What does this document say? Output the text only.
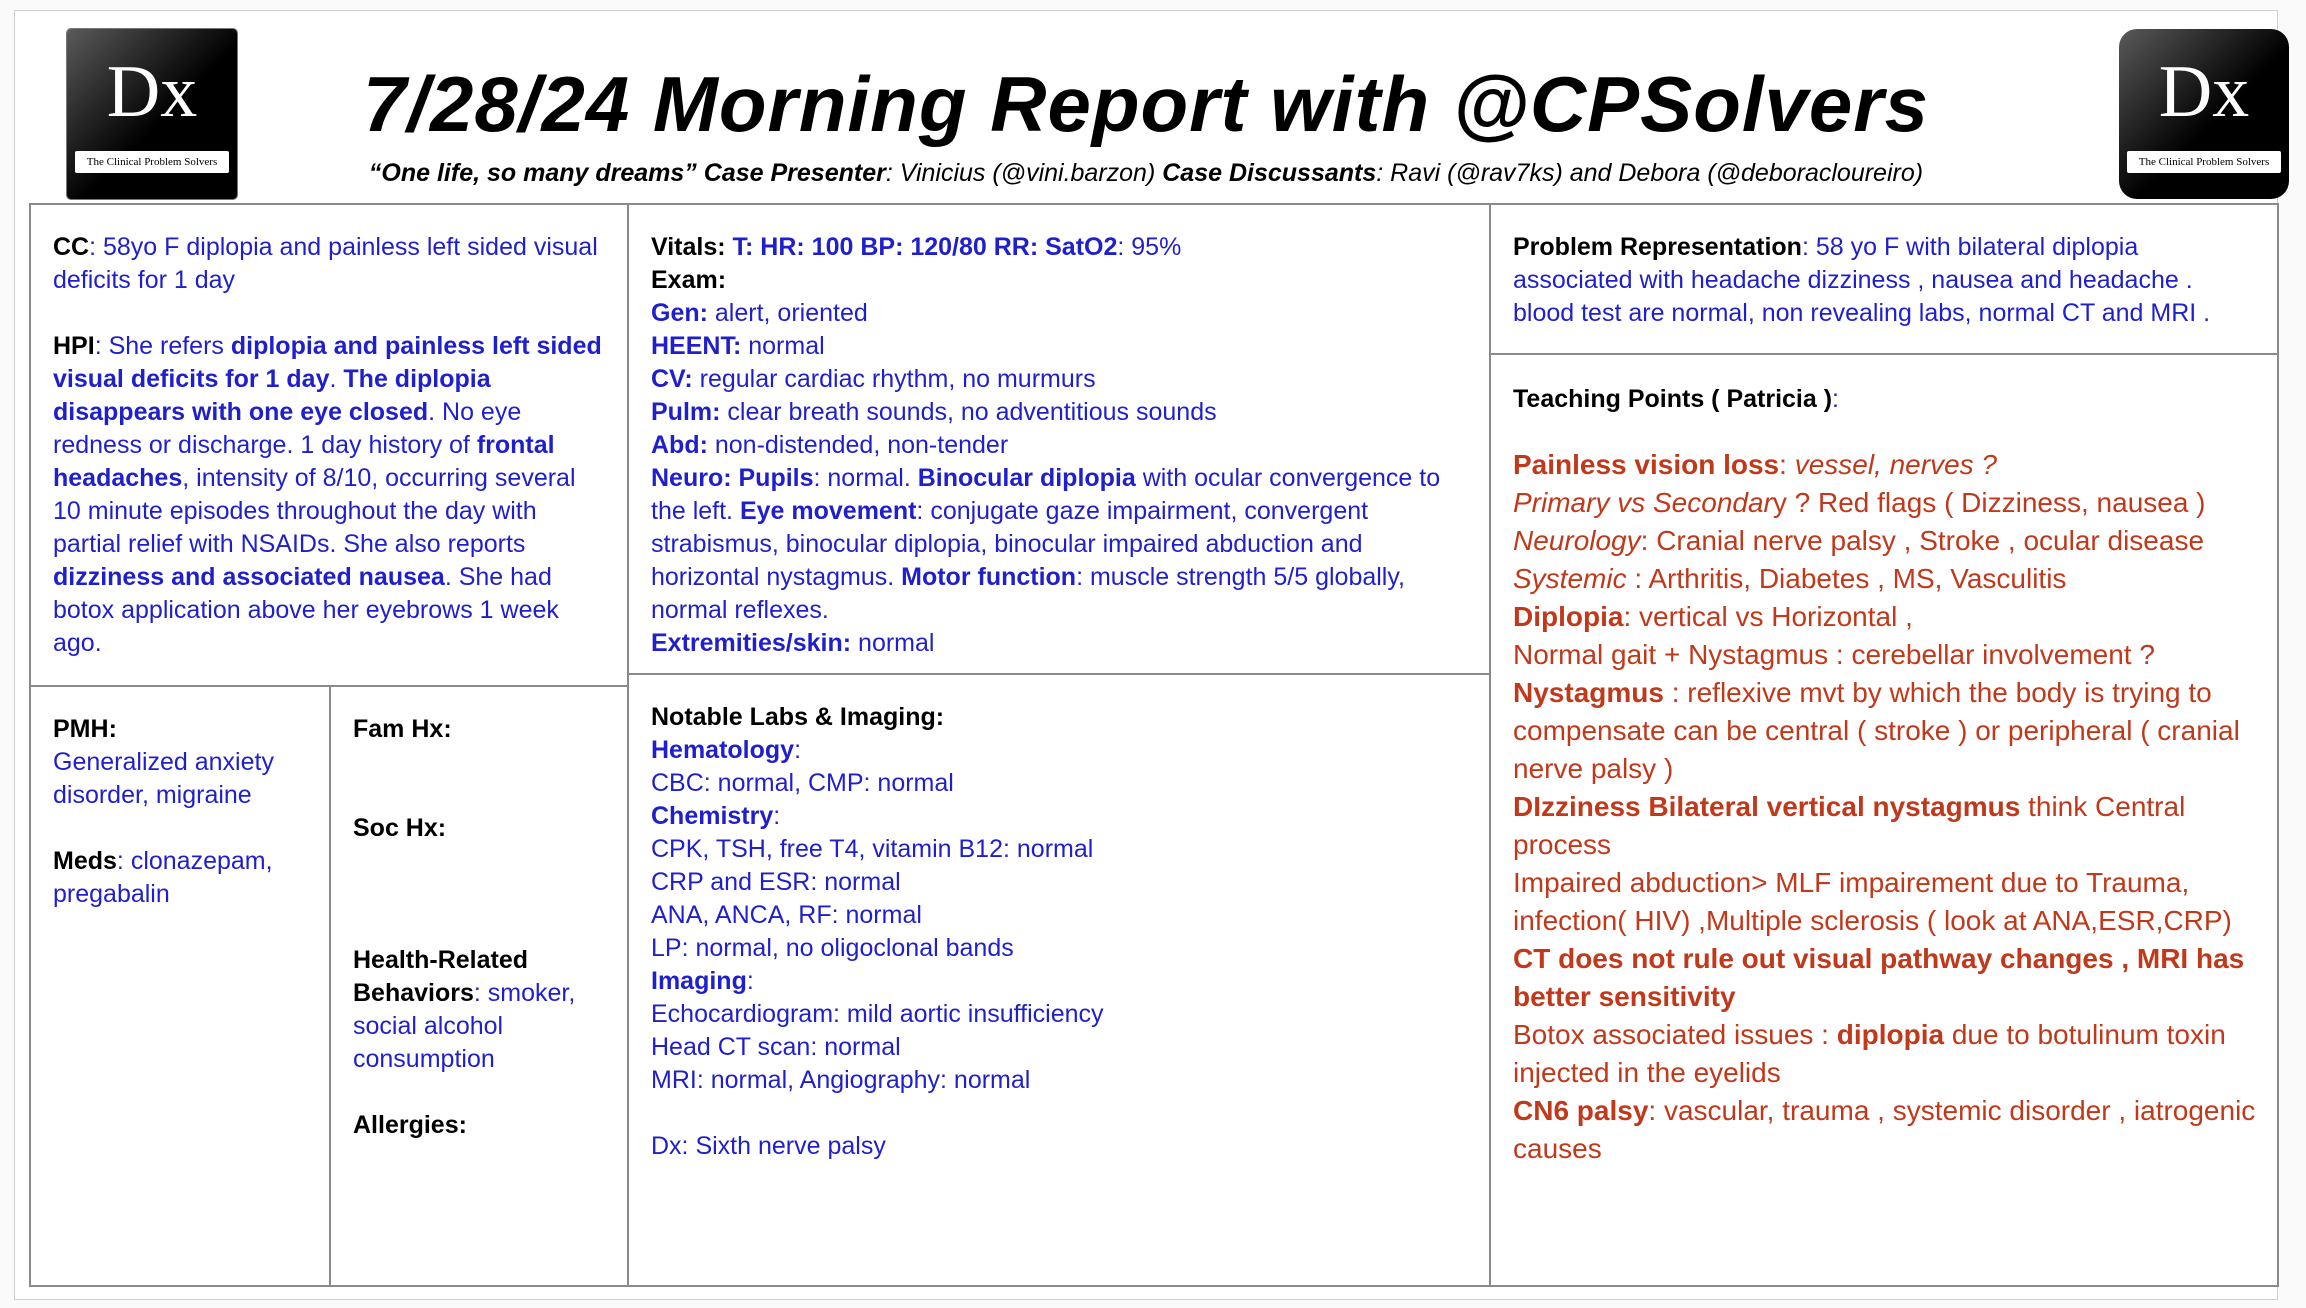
Dx
The Clinical Problem Solvers
Dx
The Clinical Problem Solvers
7/28/24 Morning Report with @CPSolvers
“One life, so many dreams” Case Presenter: Vinicius (@vini.barzon) Case Discussants: Ravi (@rav7ks) and Debora (@deboracloureiro)

CC: 58yo F diplopia and painless left sided visual deficits for 1 day

HPI: She refers diplopia and painless left sided visual deficits for 1 day. The diplopia disappears with one eye closed. No eye redness or discharge. 1 day history of frontal headaches, intensity of 8/10, occurring several 10 minute episodes throughout the day with partial relief with NSAIDs. She also reports dizziness and associated nausea. She had botox application above her eyebrows 1 week ago.

PMH:

Generalized anxiety disorder, migraine

Meds: clonazepam, pregabalin

Fam Hx:

Soc Hx:

Health-Related Behaviors: smoker, social alcohol consumption

Allergies:

Vitals: T: HR: 100 BP: 120/80 RR: SatO2: 95%

Exam:

Gen: alert, oriented

HEENT: normal

CV: regular cardiac rhythm, no murmurs

Pulm: clear breath sounds, no adventitious sounds

Abd: non-distended, non-tender

Neuro: Pupils: normal. Binocular diplopia with ocular convergence to the left. Eye movement: conjugate gaze impairment, convergent strabismus, binocular diplopia, binocular impaired abduction and horizontal nystagmus. Motor function: muscle strength 5/5 globally, normal reflexes.

Extremities/skin: normal

Notable Labs & Imaging:

Hematology:

CBC: normal, CMP: normal

Chemistry:

CPK, TSH, free T4, vitamin B12: normal

CRP and ESR: normal

ANA, ANCA, RF: normal

LP: normal, no oligoclonal bands

Imaging:

Echocardiogram: mild aortic insufficiency

Head CT scan: normal

MRI: normal, Angiography: normal

Dx: Sixth nerve palsy

Problem Representation: 58 yo F with bilateral diplopia associated with headache dizziness , nausea and headache . blood test are normal, non revealing labs, normal CT and MRI .

Teaching Points ( Patricia ):

Painless vision loss: vessel, nerves ?

Primary vs Secondary ? Red flags ( Dizziness, nausea )

Neurology: Cranial nerve palsy , Stroke , ocular disease

Systemic : Arthritis, Diabetes , MS, Vasculitis

Diplopia: vertical vs Horizontal ,

Normal gait + Nystagmus : cerebellar involvement ?

Nystagmus : reflexive mvt by which the body is trying to compensate can be central ( stroke ) or peripheral ( cranial nerve palsy )

DIzziness Bilateral vertical nystagmus think Central process

Impaired abduction> MLF impairement due to Trauma, infection( HIV) ,Multiple sclerosis ( look at ANA,ESR,CRP)

CT does not rule out visual pathway changes , MRI has better sensitivity

Botox associated issues : diplopia due to botulinum toxin injected in the eyelids

CN6 palsy: vascular, trauma , systemic disorder , iatrogenic causes
